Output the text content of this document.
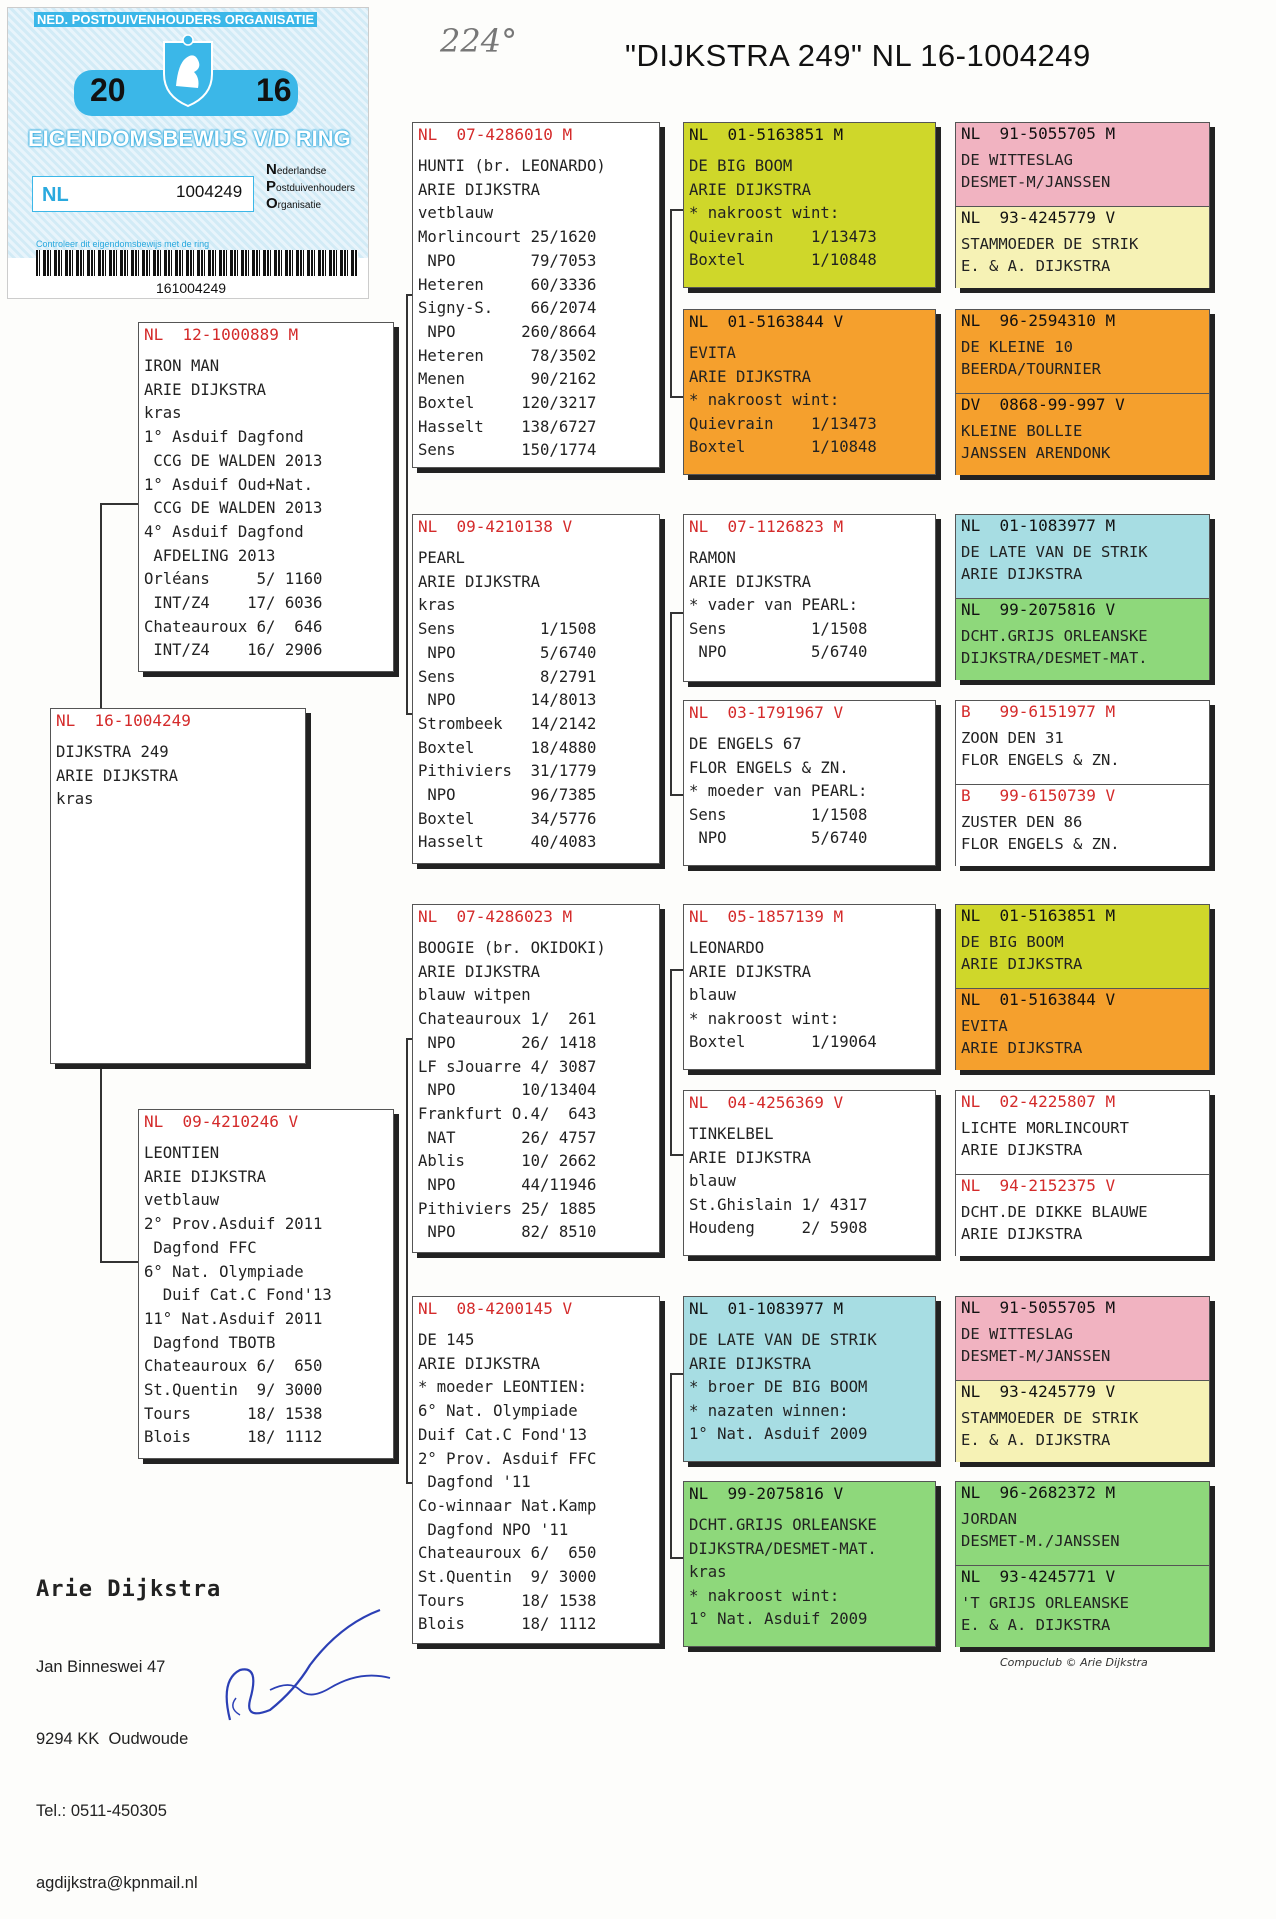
224°	"DIJKSTRA 249" NL 16-1004249
NED. POSTDUIVENHOUDERS ORGANISATIE
20	16
EIGENDOMSBEWIJS V/D RING
NL	1004249
Nederlandse
Postduivenhouders
Organisatie
Controleer dit eigendomsbewijs met de ring
161004249
NL  16-1004249
DIJKSTRA 249
ARIE DIJKSTRA
kras
NL  12-1000889 M
IRON MAN
ARIE DIJKSTRA
kras
1° Asduif Dagfond
CCG DE WALDEN 2013
1° Asduif Oud+Nat.
CCG DE WALDEN 2013
4° Asduif Dagfond
AFDELING 2013
Orléans     5/ 1160
INT/Z4    17/ 6036
Chateauroux 6/  646
INT/Z4    16/ 2906
NL  09-4210246 V
LEONTIEN
ARIE DIJKSTRA
vetblauw
2° Prov.Asduif 2011
Dagfond FFC
6° Nat. Olympiade
Duif Cat.C Fond'13
11° Nat.Asduif 2011
Dagfond TBOTB
Chateauroux 6/  650
St.Quentin  9/ 3000
Tours      18/ 1538
Blois      18/ 1112
NL  07-4286010 M
HUNTI (br. LEONARDO)
ARIE DIJKSTRA
vetblauw
Morlincourt 25/1620
NPO        79/7053
Heteren     60/3336
Signy-S.    66/2074
NPO       260/8664
Heteren     78/3502
Menen       90/2162
Boxtel     120/3217
Hasselt    138/6727
Sens       150/1774
NL  09-4210138 V
PEARL
ARIE DIJKSTRA
kras
Sens         1/1508
NPO         5/6740
Sens         8/2791
NPO        14/8013
Strombeek   14/2142
Boxtel      18/4880
Pithiviers  31/1779
NPO        96/7385
Boxtel      34/5776
Hasselt     40/4083
NL  07-4286023 M
BOOGIE (br. OKIDOKI)
ARIE DIJKSTRA
blauw witpen
Chateauroux 1/  261
NPO       26/ 1418
LF sJouarre 4/ 3087
NPO       10/13404
Frankfurt O.4/  643
NAT       26/ 4757
Ablis      10/ 2662
NPO       44/11946
Pithiviers 25/ 1885
NPO       82/ 8510
NL  08-4200145 V
DE 145
ARIE DIJKSTRA
* moeder LEONTIEN:
6° Nat. Olympiade
Duif Cat.C Fond'13
2° Prov. Asduif FFC
Dagfond '11
Co-winnaar Nat.Kamp
Dagfond NPO '11
Chateauroux 6/  650
St.Quentin  9/ 3000
Tours      18/ 1538
Blois      18/ 1112
NL  01-5163851 M
DE BIG BOOM
ARIE DIJKSTRA
* nakroost wint:
Quievrain    1/13473
Boxtel       1/10848
NL  01-5163844 V
EVITA
ARIE DIJKSTRA
* nakroost wint:
Quievrain    1/13473
Boxtel       1/10848
NL  07-1126823 M
RAMON
ARIE DIJKSTRA
* vader van PEARL:
Sens         1/1508
NPO         5/6740
NL  03-1791967 V
DE ENGELS 67
FLOR ENGELS & ZN.
* moeder van PEARL:
Sens         1/1508
NPO         5/6740
NL  05-1857139 M
LEONARDO
ARIE DIJKSTRA
blauw
* nakroost wint:
Boxtel       1/19064
NL  04-4256369 V
TINKELBEL
ARIE DIJKSTRA
blauw
St.Ghislain 1/ 4317
Houdeng     2/ 5908
NL  01-1083977 M
DE LATE VAN DE STRIK
ARIE DIJKSTRA
* broer DE BIG BOOM
* nazaten winnen:
1° Nat. Asduif 2009
NL  99-2075816 V
DCHT.GRIJS ORLEANSKE
DIJKSTRA/DESMET-MAT.
kras
* nakroost wint:
1° Nat. Asduif 2009
NL  91-5055705 M
DE WITTESLAG
DESMET-M/JANSSEN
NL  93-4245779 V
STAMMOEDER DE STRIK
E. & A. DIJKSTRA
NL  96-2594310 M
DE KLEINE 10
BEERDA/TOURNIER
DV  0868-99-997 V
KLEINE BOLLIE
JANSSEN ARENDONK
NL  01-1083977 M
DE LATE VAN DE STRIK
ARIE DIJKSTRA
NL  99-2075816 V
DCHT.GRIJS ORLEANSKE
DIJKSTRA/DESMET-MAT.
B   99-6151977 M
ZOON DEN 31
FLOR ENGELS & ZN.
B   99-6150739 V
ZUSTER DEN 86
FLOR ENGELS & ZN.
NL  01-5163851 M
DE BIG BOOM
ARIE DIJKSTRA
NL  01-5163844 V
EVITA
ARIE DIJKSTRA
NL  02-4225807 M
LICHTE MORLINCOURT
ARIE DIJKSTRA
NL  94-2152375 V
DCHT.DE DIKKE BLAUWE
ARIE DIJKSTRA
NL  91-5055705 M
DE WITTESLAG
DESMET-M/JANSSEN
NL  93-4245779 V
STAMMOEDER DE STRIK
E. & A. DIJKSTRA
NL  96-2682372 M
JORDAN
DESMET-M./JANSSEN
NL  93-4245771 V
'T GRIJS ORLEANSKE
E. & A. DIJKSTRA

Arie Dijkstra

Jan Binneswei 47

9294 KK  Oudwoude

Tel.: 0511-450305

agdijkstra@kpnmail.nl

Compuclub © Arie Dijkstra
